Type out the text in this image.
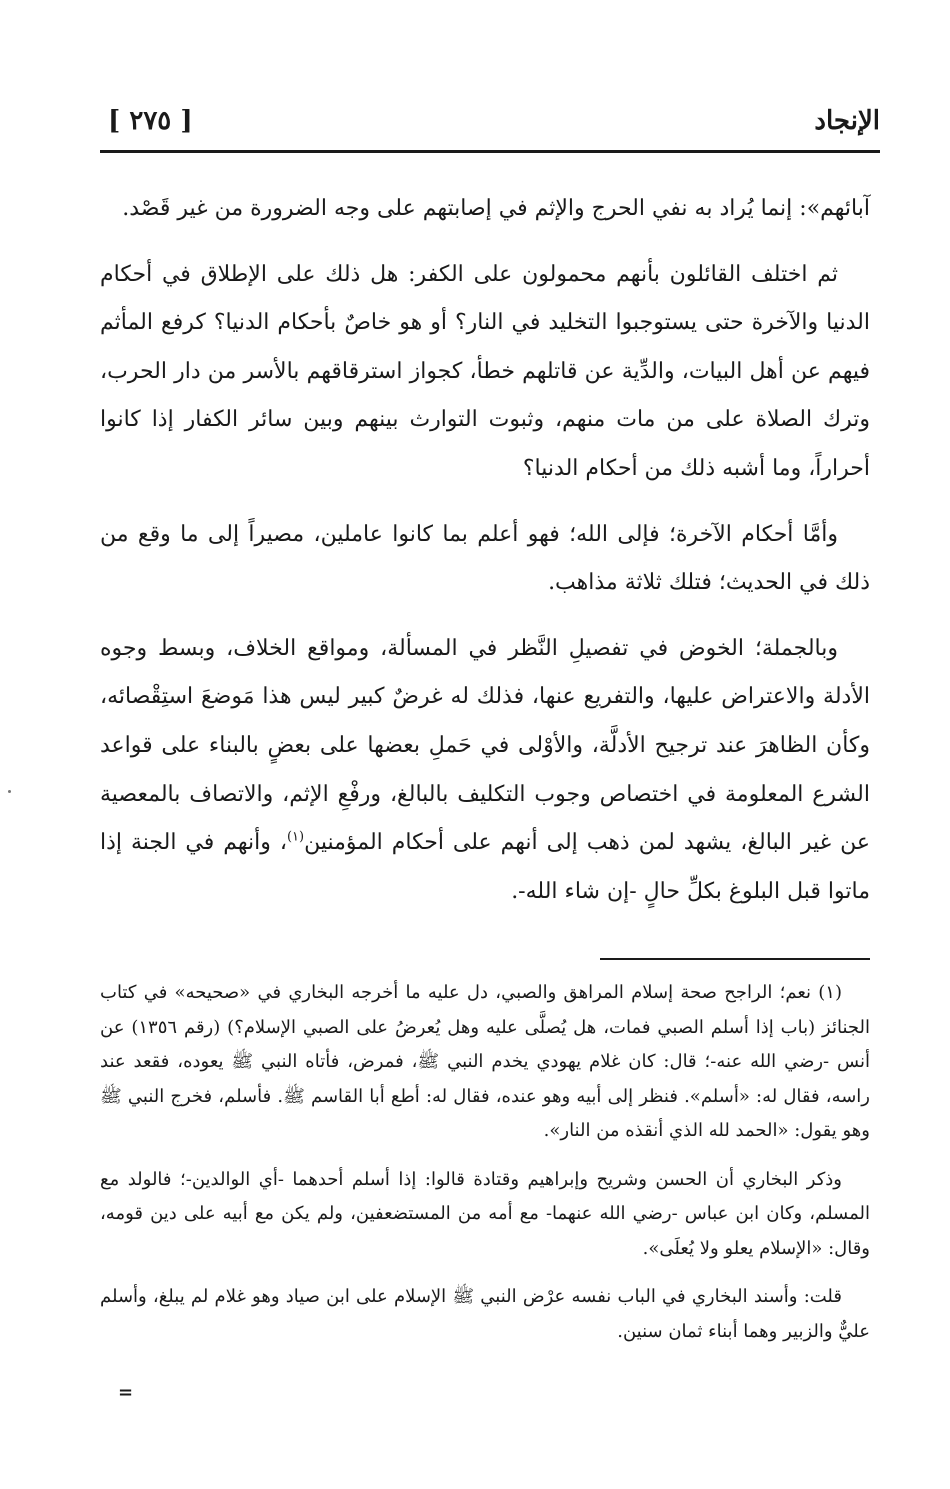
الإنجاد
[ ٢٧٥ ]

آبائهم»: إنما يُراد به نفي الحرج والإثم في إصابتهم على وجه الضرورة من غير قَصْد.

ثم اختلف القائلون بأنهم محمولون على الكفر: هل ذلك على الإطلاق في أحكام الدنيا والآخرة حتى يستوجبوا التخليد في النار؟ أو هو خاصٌ بأحكام الدنيا؟ كرفع المأثم فيهم عن أهل البيات، والدِّية عن قاتلهم خطأ، كجواز استرقاقهم بالأسر من دار الحرب، وترك الصلاة على من مات منهم، وثبوت التوارث بينهم وبين سائر الكفار إذا كانوا أحراراً، وما أشبه ذلك من أحكام الدنيا؟

وأمَّا أحكام الآخرة؛ فإلى الله؛ فهو أعلم بما كانوا عاملين، مصيراً إلى ما وقع من ذلك في الحديث؛ فتلك ثلاثة مذاهب.

وبالجملة؛ الخوض في تفصيلِ النَّظر في المسألة، ومواقع الخلاف، وبسط وجوه الأدلة والاعتراض عليها، والتفريع عنها، فذلك له غرضٌ كبير ليس هذا مَوضعَ استِقْصائه، وكأن الظاهرَ عند ترجيح الأدلَّة، والأوْلى في حَملِ بعضها على بعضٍ بالبناء على قواعد الشرع المعلومة في اختصاص وجوب التكليف بالبالغ، ورفْعِ الإثم، والاتصاف بالمعصية عن غير البالغ، يشهد لمن ذهب إلى أنهم على أحكام المؤمنين$^{(١)}$، وأنهم في الجنة إذا ماتوا قبل البلوغ بكلِّ حالٍ -إن شاء الله-.

(١) نعم؛ الراجح صحة إسلام المراهق والصبي، دل عليه ما أخرجه البخاري في «صحيحه» في كتاب الجنائز (باب إذا أسلم الصبي فمات، هل يُصلَّى عليه وهل يُعرضُ على الصبي الإسلام؟) (رقم ١٣٥٦) عن أنس -رضي الله عنه-؛ قال: كان غلام يهودي يخدم النبي ﷺ، فمرض، فأتاه النبي ﷺ يعوده، فقعد عند راسه، فقال له: «أسلم». فنظر إلى أبيه وهو عنده، فقال له: أطع أبا القاسم ﷺ. فأسلم، فخرج النبي ﷺ وهو يقول: «الحمد لله الذي أنقذه من النار».

وذكر البخاري أن الحسن وشريح وإبراهيم وقتادة قالوا: إذا أسلم أحدهما -أي الوالدين-؛ فالولد مع المسلم، وكان ابن عباس -رضي الله عنهما- مع أمه من المستضعفين، ولم يكن مع أبيه على دين قومه، وقال: «الإسلام يعلو ولا يُعلَى».

قلت: وأسند البخاري في الباب نفسه عرْض النبي ﷺ الإسلام على ابن صياد وهو غلام لم يبلغ، وأسلم عليٌّ والزبير وهما أبناء ثمان سنين.

=
